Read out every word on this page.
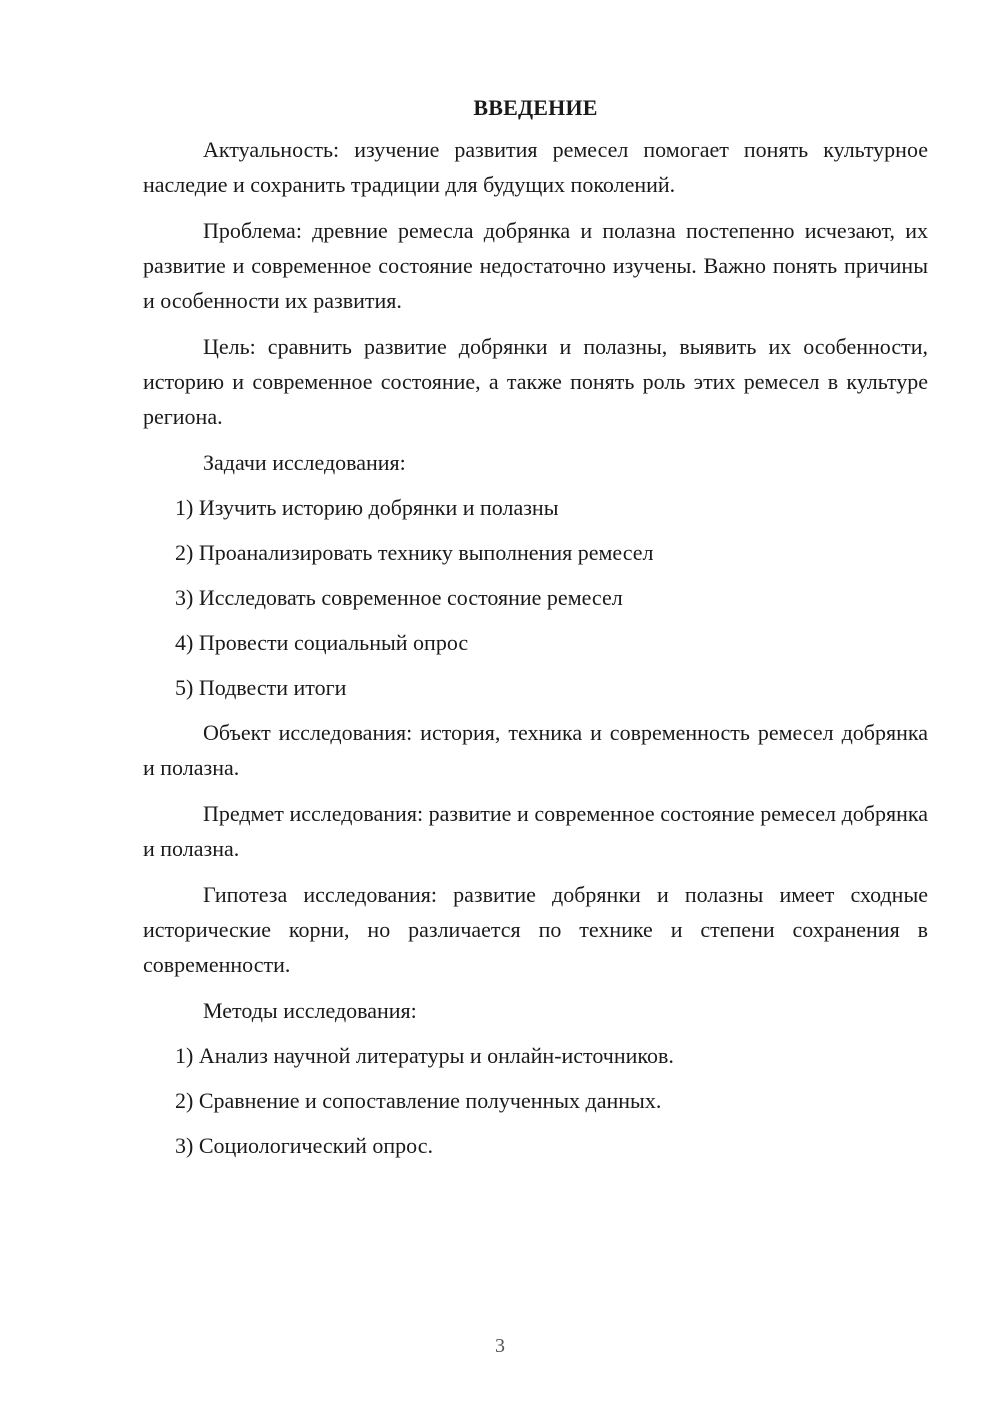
ВВЕДЕНИЕ

Актуальность: изучение развития ремесел помогает понять культурное наследие и сохранить традиции для будущих поколений.

Проблема: древние ремесла добрянка и полазна постепенно исчезают, их развитие и современное состояние недостаточно изучены. Важно понять причины и особенности их развития.

Цель: сравнить развитие добрянки и полазны, выявить их особенности, историю и современное состояние, а также понять роль этих ремесел в культуре региона.

Задачи исследования:
1) Изучить историю добрянки и полазны
2) Проанализировать технику выполнения ремесел
3) Исследовать современное состояние ремесел
4) Провести социальный опрос
5) Подвести итоги

Объект исследования: история, техника и современность ремесел добрянка и полазна.

Предмет исследования: развитие и современное состояние ремесел добрянка и полазна.

Гипотеза исследования: развитие добрянки и полазны имеет сходные исторические корни, но различается по технике и степени сохранения в современности.

Методы исследования:
1) Анализ научной литературы и онлайн-источников.
2) Сравнение и сопоставление полученных данных.
3) Социологический опрос.
3
